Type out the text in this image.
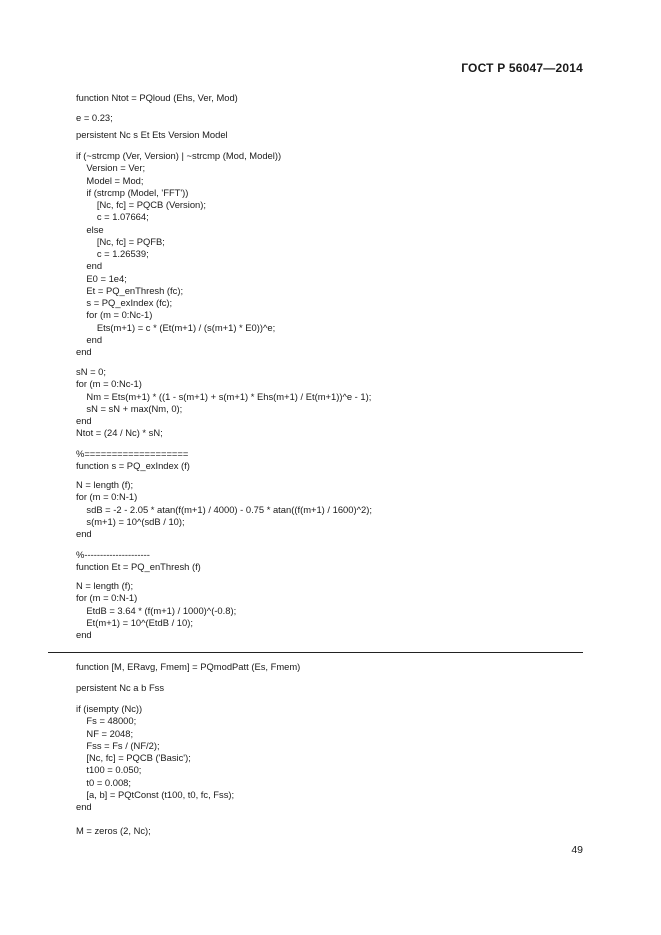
ГОСТ Р 56047—2014
function Ntot = PQloud (Ehs, Ver, Mod)
e = 0.23;
persistent Nc s Et Ets Version Model
if (~strcmp (Ver, Version) | ~strcmp (Mod, Model))
Version = Ver;
Model = Mod;
if (strcmp (Model, 'FFT'))
[Nc, fc] = PQCB (Version);
c = 1.07664;
else
[Nc, fc] = PQFB;
c = 1.26539;
end
E0 = 1e4;
Et = PQ_enThresh (fc);
s = PQ_exIndex (fc);
for (m = 0:Nc-1)
Ets(m+1) = c * (Et(m+1) / (s(m+1) * E0))^e;
end
end
sN = 0;
for (m = 0:Nc-1)
Nm = Ets(m+1) * ((1 - s(m+1) + s(m+1) * Ehs(m+1) / Et(m+1))^e - 1);
sN = sN + max(Nm, 0);
end
Ntot = (24 / Nc) * sN;
%===================
function s = PQ_exIndex (f)
N = length (f);
for (m = 0:N-1)
sdB = -2 - 2.05 * atan(f(m+1) / 4000) - 0.75 * atan((f(m+1) / 1600)^2);
s(m+1) = 10^(sdB / 10);
end
%---------------------
function Et = PQ_enThresh (f)
N = length (f);
for (m = 0:N-1)
EtdB = 3.64 * (f(m+1) / 1000)^(-0.8);
Et(m+1) = 10^(EtdB / 10);
end
function [M, ERavg, Fmem] = PQmodPatt (Es, Fmem)
persistent Nc a b Fss
if (isempty (Nc))
Fs = 48000;
NF = 2048;
Fss = Fs / (NF/2);
[Nc, fc] = PQCB ('Basic');
t100 = 0.050;
t0 = 0.008;
[a, b] = PQtConst (t100, t0, fc, Fss);
end
M = zeros (2, Nc);
49
